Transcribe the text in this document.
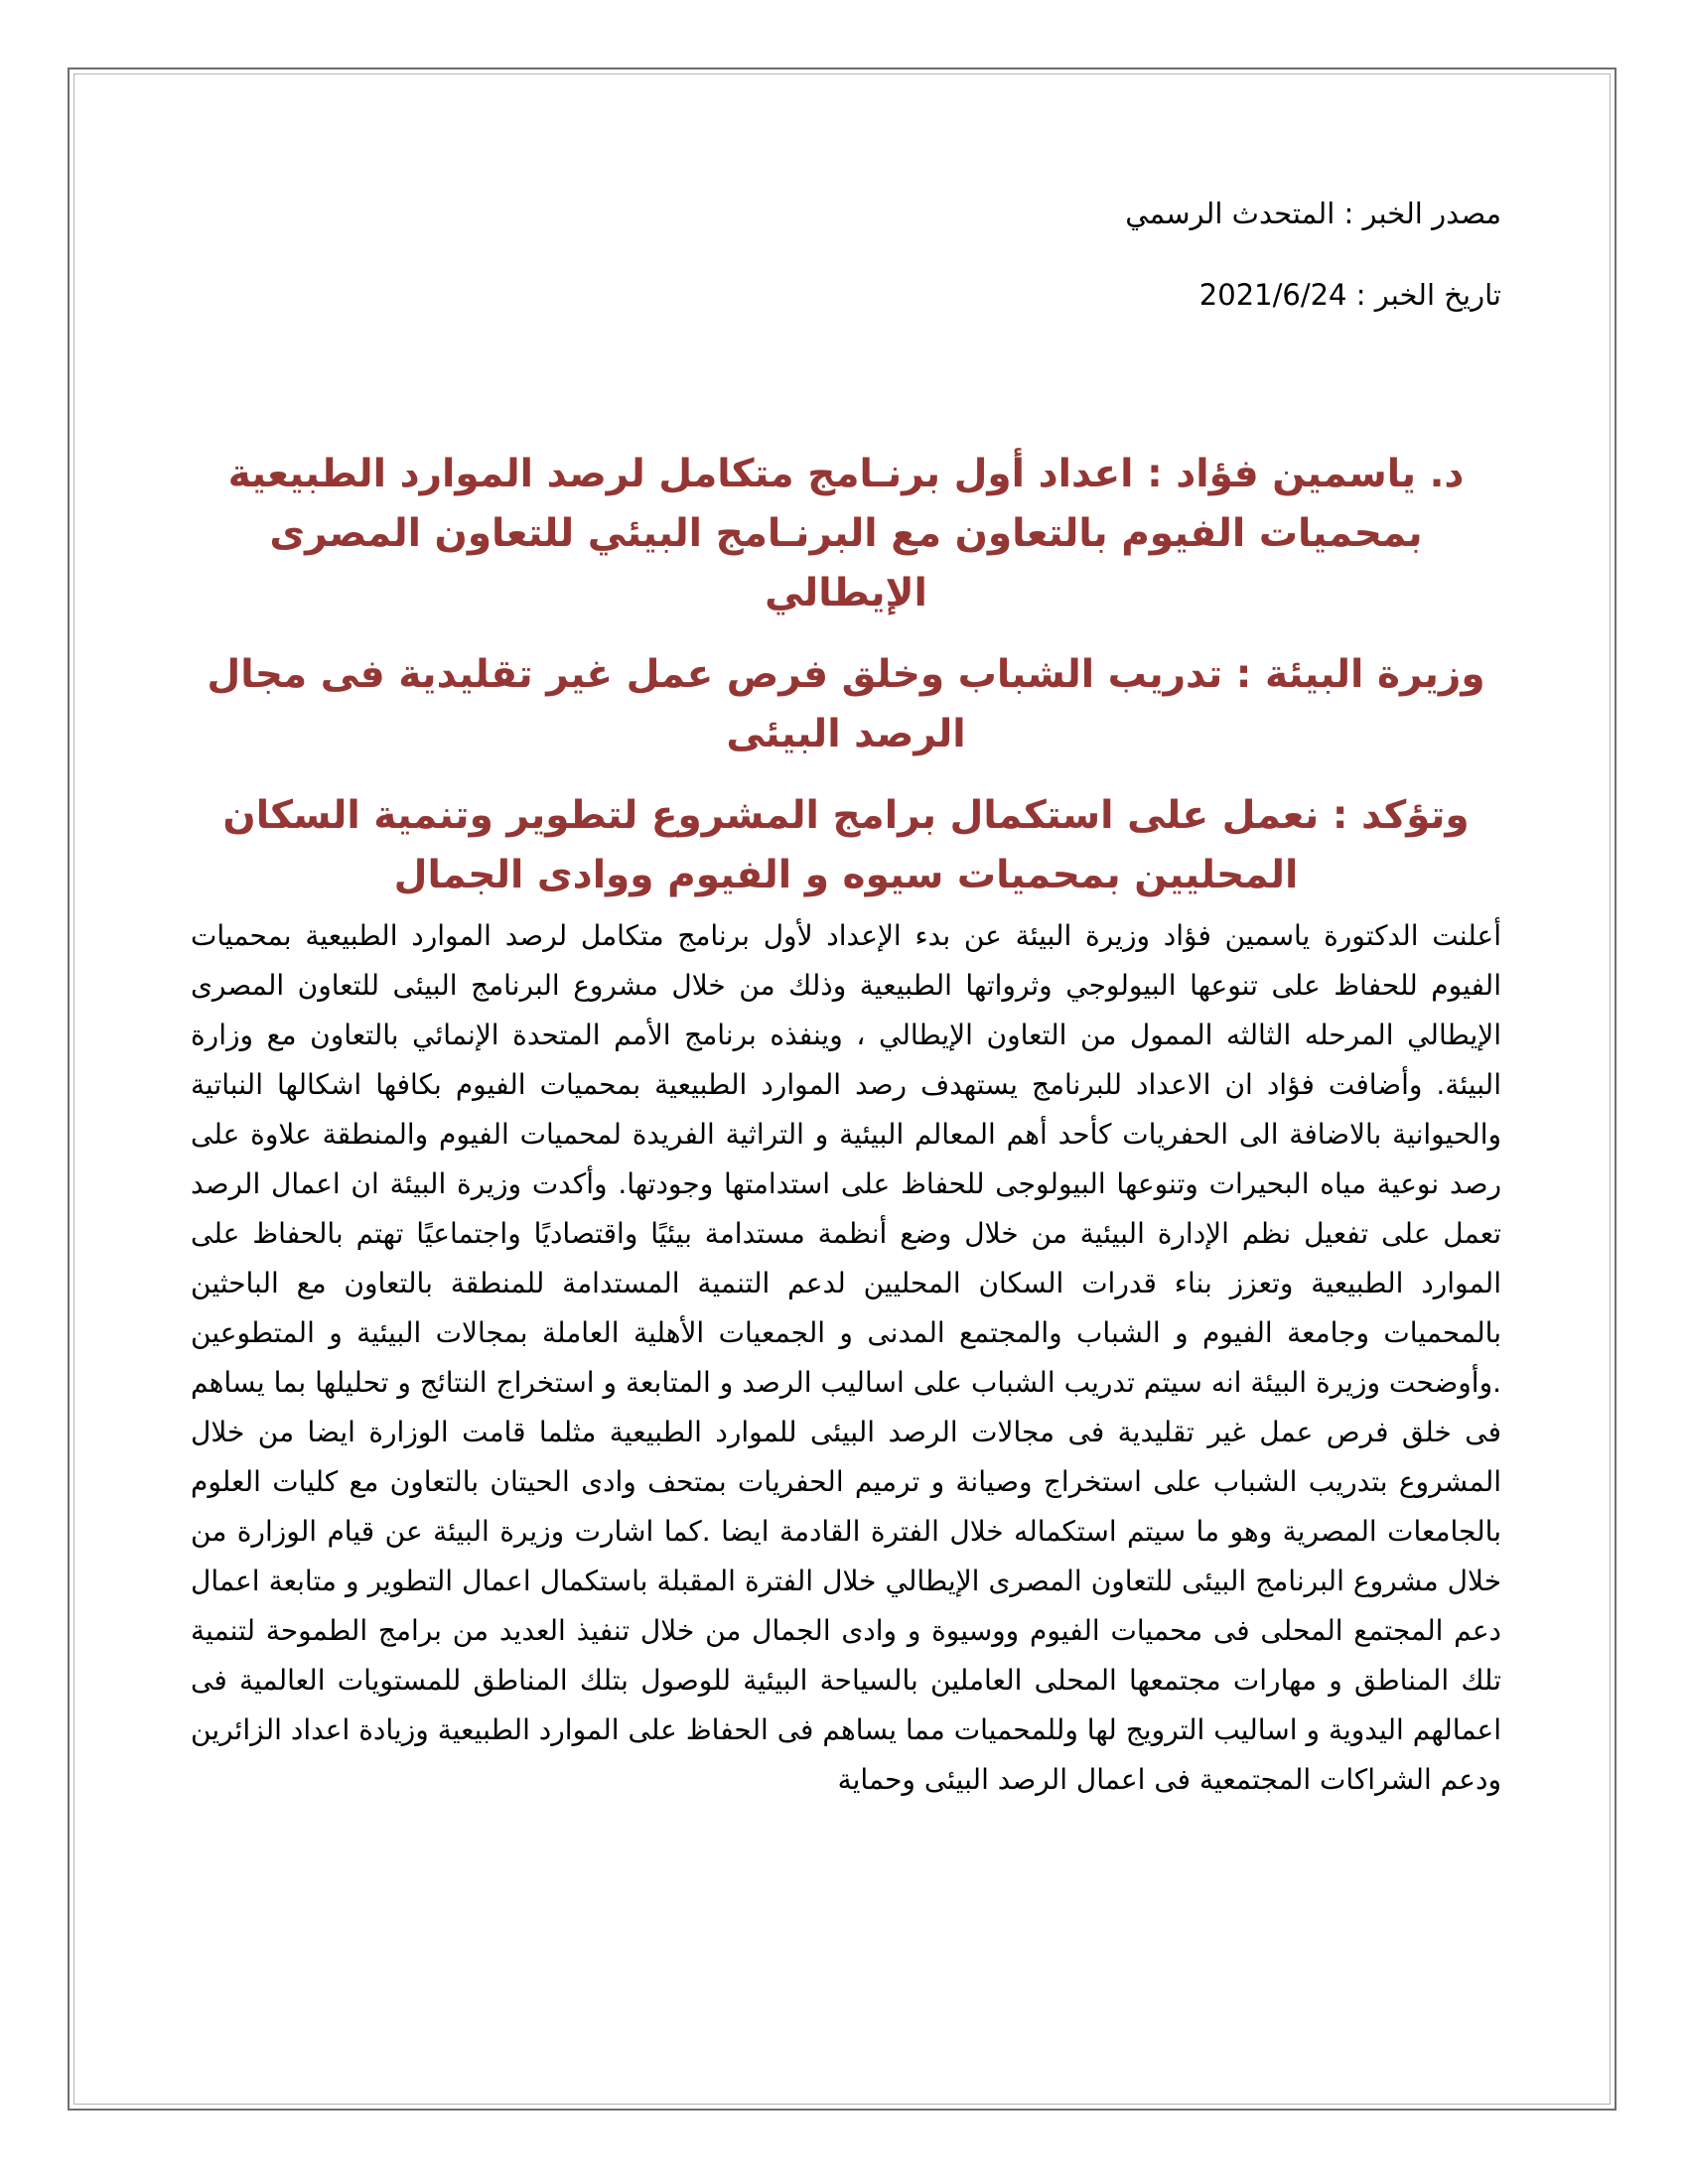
مصدر الخبر : المتحدث الرسمي
تاريخ الخبر : 2021/6/24
د. ياسمين فؤاد : اعداد أول برنـامج متكامل لرصد الموارد الطبيعية بمحميات الفيوم بالتعاون مع البرنـامج البيئي للتعاون المصرى الإيطالي
وزيرة البيئة : تدريب الشباب وخلق فرص عمل غير تقليدية فى مجال الرصد البيئى
وتؤكد : نعمل على استكمال برامج المشروع لتطوير وتنمية السكان المحليين بمحميات سيوه و الفيوم ووادى الجمال

أعلنت الدكتورة ياسمين فؤاد وزيرة البيئة عن بدء الإعداد لأول برنامج متكامل لرصد الموارد الطبيعية بمحميات الفيوم للحفاظ على تنوعها البيولوجي وثرواتها الطبيعية وذلك من خلال مشروع البرنامج البيئى للتعاون المصرى الإيطالي المرحله الثالثه الممول من التعاون الإيطالي ، وينفذه برنامج الأمم المتحدة الإنمائي بالتعاون مع وزارة البيئة. وأضافت فؤاد ان الاعداد للبرنامج يستهدف رصد الموارد الطبيعية بمحميات الفيوم بكافها اشكالها النباتية والحيوانية بالاضافة الى الحفريات كأحد أهم المعالم البيئية و التراثية الفريدة لمحميات الفيوم والمنطقة علاوة على رصد نوعية مياه البحيرات وتنوعها البيولوجى للحفاظ على استدامتها وجودتها. وأكدت وزيرة البيئة ان اعمال الرصد تعمل على تفعيل نظم الإدارة البيئية من خلال وضع أنظمة مستدامة بيئيًا واقتصاديًا واجتماعيًا تهتم بالحفاظ على الموارد الطبيعية وتعزز بناء قدرات السكان المحليين لدعم التنمية المستدامة للمنطقة بالتعاون مع الباحثين بالمحميات وجامعة الفيوم و الشباب والمجتمع المدنى و الجمعيات الأهلية العاملة بمجالات البيئية و المتطوعين .وأوضحت وزيرة البيئة انه سيتم تدريب الشباب على اساليب الرصد و المتابعة و استخراج النتائج و تحليلها بما يساهم فى خلق فرص عمل غير تقليدية فى مجالات الرصد البيئى للموارد الطبيعية مثلما قامت الوزارة ايضا من خلال المشروع بتدريب الشباب على استخراج وصيانة و ترميم الحفريات بمتحف وادى الحيتان بالتعاون مع كليات العلوم بالجامعات المصرية وهو ما سيتم استكماله خلال الفترة القادمة ايضا .كما اشارت وزيرة البيئة عن قيام الوزارة من خلال مشروع البرنامج البيئى للتعاون المصرى الإيطالي خلال الفترة المقبلة باستكمال اعمال التطوير و متابعة اعمال دعم المجتمع المحلى فى محميات الفيوم ووسيوة و وادى الجمال من خلال تنفيذ العديد من برامج الطموحة لتنمية تلك المناطق و مهارات مجتمعها المحلى العاملين بالسياحة البيئية للوصول بتلك المناطق للمستويات العالمية فى اعمالهم اليدوية و اساليب الترويج لها وللمحميات مما يساهم فى الحفاظ على الموارد الطبيعية وزيادة اعداد الزائرين ودعم الشراكات المجتمعية فى اعمال الرصد البيئى وحماية
